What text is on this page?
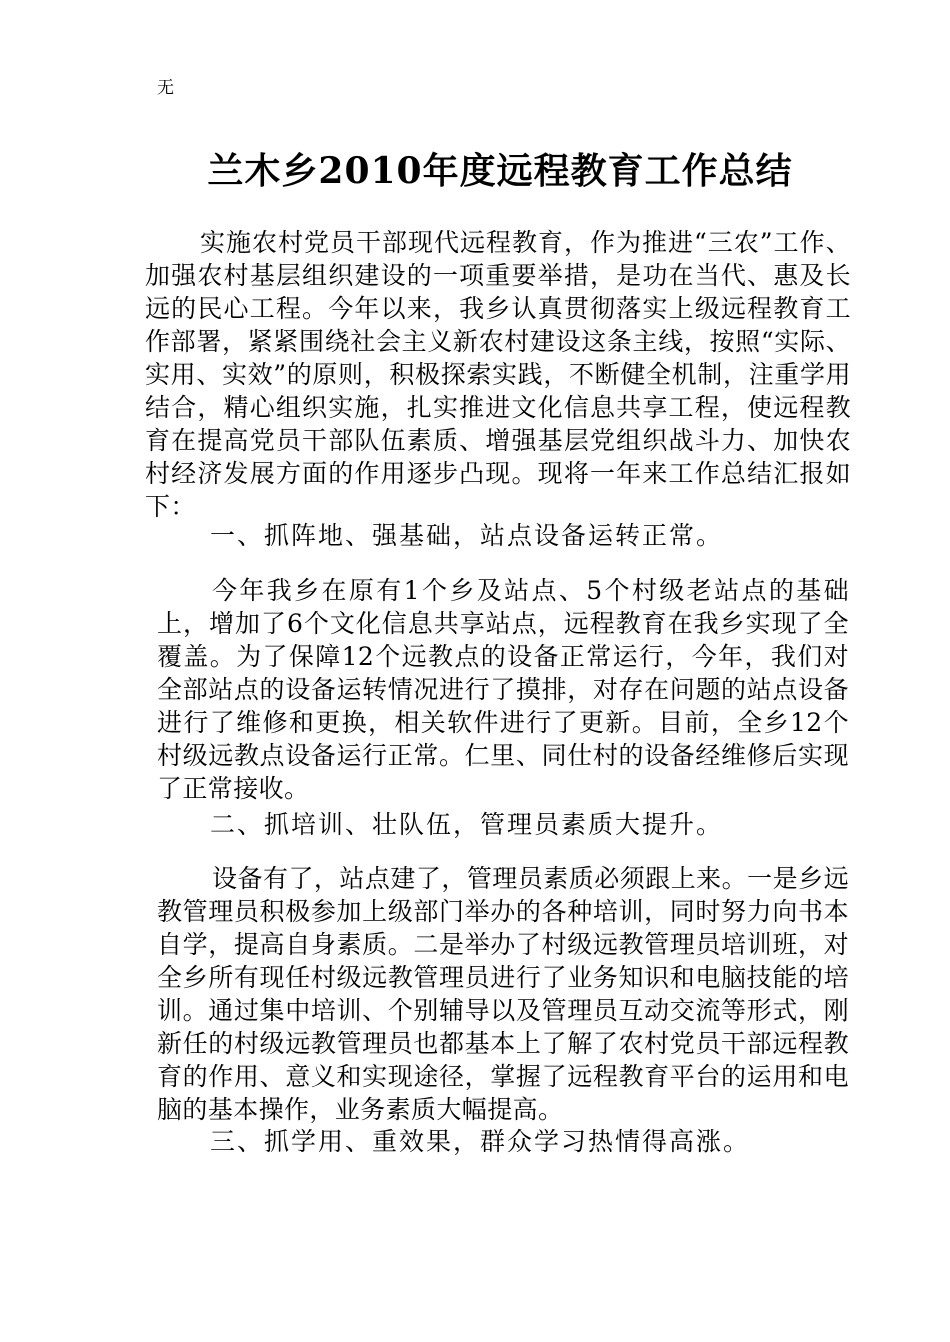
无
兰木乡2010年度远程教育工作总结

实施农村党员干部现代远程教育，作为推进“三农”工作、加强农村基层组织建设的一项重要举措，是功在当代、惠及长远的民心工程。今年以来，我乡认真贯彻落实上级远程教育工作部署，紧紧围绕社会主义新农村建设这条主线，按照“实际、实用、实效”的原则，积极探索实践，不断健全机制，注重学用结合，精心组织实施，扎实推进文化信息共享工程，使远程教育在提高党员干部队伍素质、增强基层党组织战斗力、加快农村经济发展方面的作用逐步凸现。现将一年来工作总结汇报如下：

一、抓阵地、强基础，站点设备运转正常。

今年我乡在原有1个乡及站点、5个村级老站点的基础上，增加了6个文化信息共享站点，远程教育在我乡实现了全覆盖。为了保障12个远教点的设备正常运行，今年，我们对全部站点的设备运转情况进行了摸排，对存在问题的站点设备进行了维修和更换，相关软件进行了更新。目前，全乡12个村级远教点设备运行正常。仁里、同仕村的设备经维修后实现了正常接收。

二、抓培训、壮队伍，管理员素质大提升。

设备有了，站点建了，管理员素质必须跟上来。一是乡远教管理员积极参加上级部门举办的各种培训，同时努力向书本自学，提高自身素质。二是举办了村级远教管理员培训班，对全乡所有现任村级远教管理员进行了业务知识和电脑技能的培训。通过集中培训、个别辅导以及管理员互动交流等形式，刚新任的村级远教管理员也都基本上了解了农村党员干部远程教育的作用、意义和实现途径，掌握了远程教育平台的运用和电脑的基本操作，业务素质大幅提高。

三、抓学用、重效果，群众学习热情得高涨。
